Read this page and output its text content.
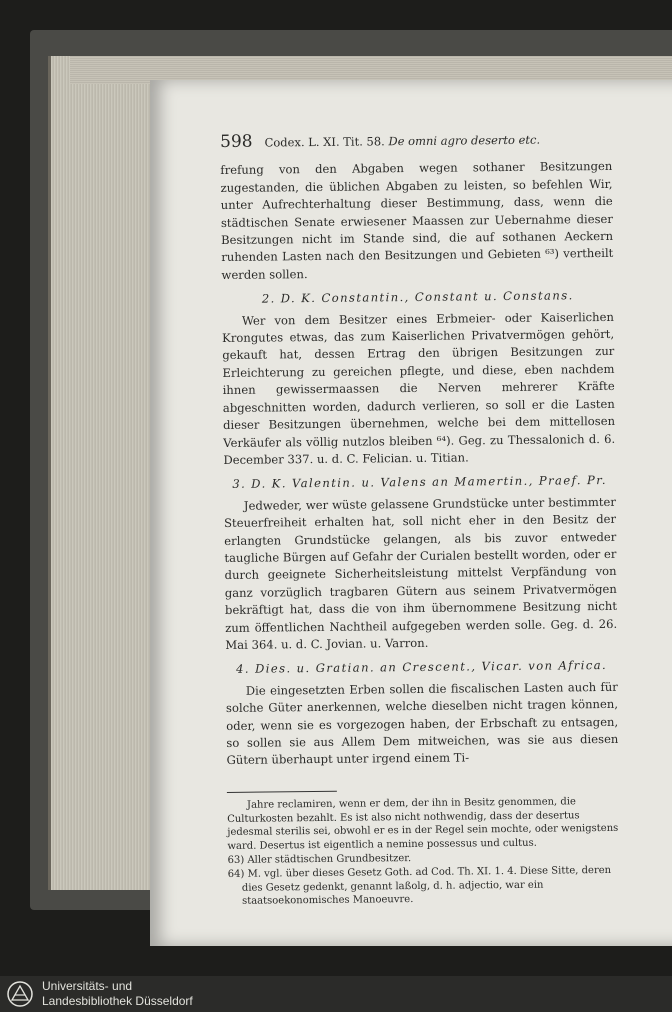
598 Codex. L. XI. Tit. 58. De omni agro deserto etc.

frefung von den Abgaben wegen sothaner Besitzungen zugestanden, die üblichen Abgaben zu leisten, so befehlen Wir, unter Aufrechterhaltung dieser Bestimmung, dass, wenn die städtischen Senate erwiesener Maassen zur Uebernahme dieser Besitzungen nicht im Stande sind, die auf sothanen Aeckern ruhenden Lasten nach den Besitzungen und Gebieten ⁶³) vertheilt werden sollen.

2. D. K. Constantin., Constant u. Constans.

Wer von dem Besitzer eines Erbmeier- oder Kaiserlichen Krongutes etwas, das zum Kaiserlichen Privatvermögen gehört, gekauft hat, dessen Ertrag den übrigen Besitzungen zur Erleichterung zu gereichen pflegte, und diese, eben nachdem ihnen gewissermaassen die Nerven mehrerer Kräfte abgeschnitten worden, dadurch verlieren, so soll er die Lasten dieser Besitzungen übernehmen, welche bei dem mittellosen Verkäufer als völlig nutzlos bleiben ⁶⁴). Geg. zu Thessalonich d. 6. December 337. u. d. C. Felician. u. Titian.

3. D. K. Valentin. u. Valens an Mamertin., Praef. Pr.

Jedweder, wer wüste gelassene Grundstücke unter bestimmter Steuerfreiheit erhalten hat, soll nicht eher in den Besitz der erlangten Grundstücke gelangen, als bis zuvor entweder taugliche Bürgen auf Gefahr der Curialen bestellt worden, oder er durch geeignete Sicherheitsleistung mittelst Verpfändung von ganz vorzüglich tragbaren Gütern aus seinem Privatvermögen bekräftigt hat, dass die von ihm übernommene Besitzung nicht zum öffentlichen Nachtheil aufgegeben werden solle. Geg. d. 26. Mai 364. u. d. C. Jovian. u. Varron.

4. Dies. u. Gratian. an Crescent., Vicar. von Africa.

Die eingesetzten Erben sollen die fiscalischen Lasten auch für solche Güter anerkennen, welche dieselben nicht tragen können, oder, wenn sie es vorgezogen haben, der Erbschaft zu entsagen, so sollen sie aus Allem Dem mitweichen, was sie aus diesen Gütern überhaupt unter irgend einem Ti-

Jahre reclamiren, wenn er dem, der ihn in Besitz genommen, die Culturkosten bezahlt. Es ist also nicht nothwendig, dass der desertus jedesmal sterilis sei, obwohl er es in der Regel sein mochte, oder wenigstens ward. Desertus ist eigentlich a nemine possessus und cultus.

63) Aller städtischen Grundbesitzer.

64) M. vgl. über dieses Gesetz Goth. ad Cod. Th. XI. 1. 4. Diese Sitte, deren dies Gesetz gedenkt, genannt laßolg, d. h. adjectio, war ein staatsoekonomisches Manoeuvre.

Universitäts- und
Landesbibliothek Düsseldorf
